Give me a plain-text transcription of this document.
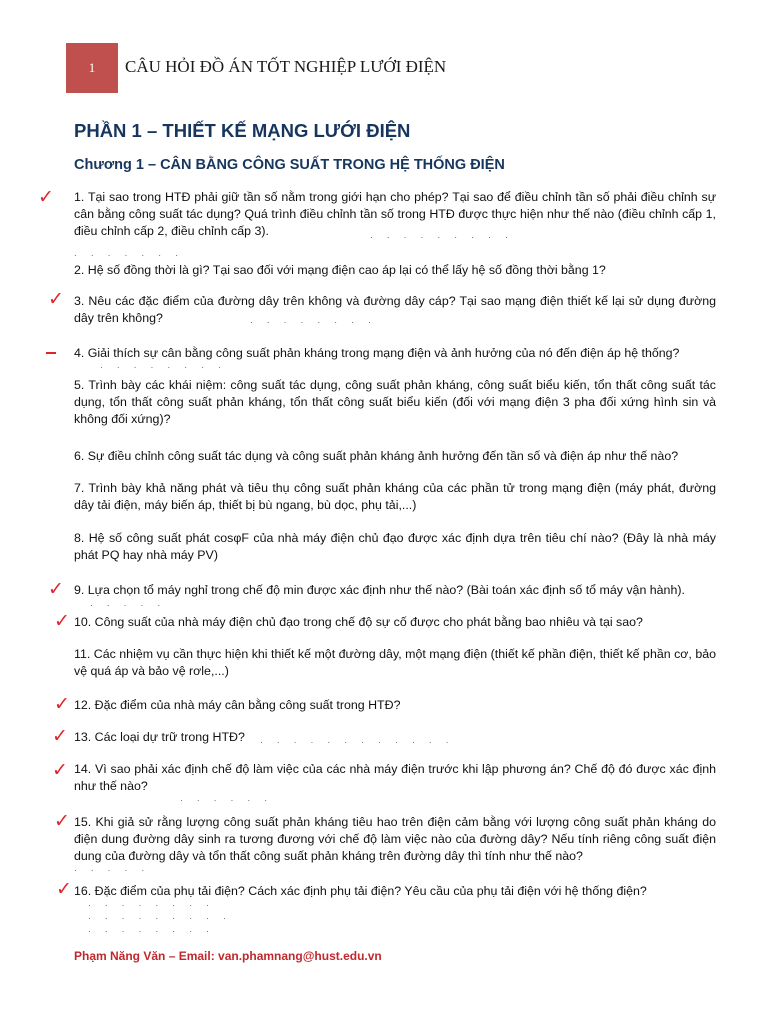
1 CÂU HỎI ĐỒ ÁN TỐT NGHIỆP LƯỚI ĐIỆN
PHẦN 1 – THIẾT KẾ MẠNG LƯỚI ĐIỆN
Chương 1 – CÂN BẰNG CÔNG SUẤT TRONG HỆ THỐNG ĐIỆN
1. Tại sao trong HTĐ phải giữ tần số nằm trong giới hạn cho phép? Tại sao để điều chỉnh tần số phải điều chỉnh sự cân bằng công suất tác dụng? Quá trình điều chỉnh tần số trong HTĐ được thực hiện như thế nào (điều chỉnh cấp 1, điều chỉnh cấp 2, điều chỉnh cấp 3).
2. Hệ số đồng thời là gì? Tại sao đối với mạng điện cao áp lại có thể lấy hệ số đồng thời bằng 1?
3. Nêu các đặc điểm của đường dây trên không và đường dây cáp? Tại sao mạng điện thiết kế lại sử dụng đường dây trên không?
4. Giải thích sự cân bằng công suất phản kháng trong mạng điện và ảnh hưởng của nó đến điện áp hệ thống?
5. Trình bày các khái niệm: công suất tác dụng, công suất phản kháng, công suất biểu kiến, tổn thất công suất tác dụng, tổn thất công suất phản kháng, tổn thất công suất biểu kiến (đối với mạng điện 3 pha đối xứng hình sin và không đối xứng)?
6. Sự điều chỉnh công suất tác dụng và công suất phản kháng ảnh hưởng đến tần số và điện áp như thế nào?
7. Trình bày khả năng phát và tiêu thụ công suất phản kháng của các phần tử trong mạng điện (máy phát, đường dây tải điện, máy biến áp, thiết bị bù ngang, bù dọc, phụ tải,...)
8. Hệ số công suất phát cosφF của nhà máy điện chủ đạo được xác định dựa trên tiêu chí nào? (Đây là nhà máy phát PQ hay nhà máy PV)
9. Lựa chọn tổ máy nghỉ trong chế độ min được xác định như thế nào? (Bài toán xác định số tổ máy vận hành).
10. Công suất của nhà máy điện chủ đạo trong chế độ sự cố được cho phát bằng bao nhiêu và tại sao?
11. Các nhiệm vụ cần thực hiện khi thiết kế một đường dây, một mạng điện (thiết kế phần điện, thiết kế phần cơ, bảo vệ quá áp và bảo vệ rơle,...)
12. Đặc điểm của nhà máy cân bằng công suất trong HTĐ?
13. Các loại dự trữ trong HTĐ?
14. Vì sao phải xác định chế độ làm việc của các nhà máy điện trước khi lập phương án? Chế độ đó được xác định như thế nào?
15. Khi giả sử rằng lượng công suất phản kháng tiêu hao trên điện cảm bằng với lượng công suất phản kháng do điện dung đường dây sinh ra tương đương với chế độ làm việc nào của đường dây? Nếu tính riêng công suất điện dung của đường dây và tổn thất công suất phản kháng trên đường dây thì tính như thế nào?
16. Đặc điểm của phụ tải điện? Cách xác định phụ tải điện? Yêu cầu của phụ tải điện với hệ thống điện?
· · · · · · · · ·
· · · · · · ·
· · · · · · · ·
· · · · · · · ·
· · · · ·
· · · · · · · · · · · ·
· · · · · ·
· · · · ·
· · · · · · · ·
· · · · · · · · ·
· · · · · · · ·
✓
✓
✓
✓
✓
✓
✓
✓
✓
Phạm Năng Văn – Email: van.phamnang@hust.edu.vn
